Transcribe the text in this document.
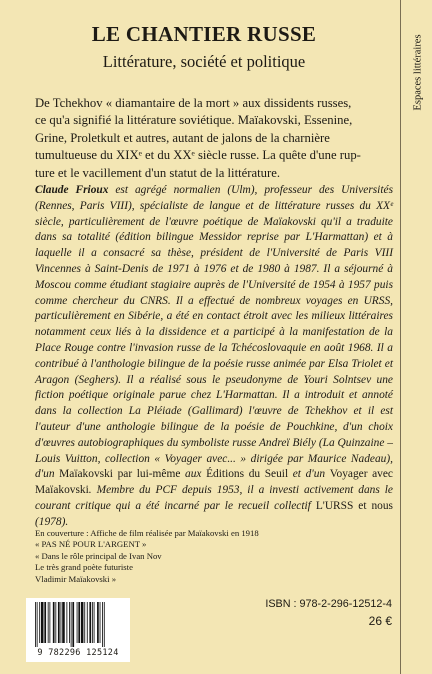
Espaces littéraires
LE CHANTIER RUSSE
Littérature, société et politique
De Tchekhov « diamantaire de la mort » aux dissidents russes,
ce qu'a signifié la littérature soviétique. Maïakovski, Essenine,
Grine, Proletkult et autres, autant de jalons de la charnière
tumultueuse du XIXᵉ et du XXᵉ siècle russe. La quête d'une rup-
ture et le vacillement d'un statut de la littérature.

Claude Frioux est agrégé normalien (Ulm), professeur des Universités (Rennes, Paris VIII), spécialiste de langue et de littérature russes du XXᵉ siècle, particulièrement de l'œuvre poétique de Maïakovski qu'il a traduite dans sa totalité (édition bilingue Messidor reprise par L'Harmattan) et à laquelle il a consacré sa thèse, président de l'Université de Paris VIII Vincennes à Saint-Denis de 1971 à 1976 et de 1980 à 1987. Il a séjourné à Moscou comme étudiant stagiaire auprès de l'Université de 1954 à 1957 puis comme chercheur du CNRS. Il a effectué de nombreux voyages en URSS, particulièrement en Sibérie, a été en contact étroit avec les milieux littéraires notamment ceux liés à la dissidence et a participé à la manifestation de la Place Rouge contre l'invasion russe de la Tchécoslovaquie en août 1968. Il a contribué à l'anthologie bilingue de la poésie russe animée par Elsa Triolet et Aragon (Seghers). Il a réalisé sous le pseudonyme de Youri Solntsev une fiction poétique originale parue chez L'Harmattan. Il a introduit et annoté dans la collection La Pléiade (Gallimard) l'œuvre de Tchekhov et il est l'auteur d'une anthologie bilingue de la poésie de Pouchkine, d'un choix d'œuvres autobiographiques du symboliste russe Andreï Biély (La Quinzaine – Louis Vuitton, collection « Voyager avec... » dirigée par Maurice Nadeau), d'un Maïakovski par lui-même aux Éditions du Seuil et d'un Voyager avec Maïakovski. Membre du PCF depuis 1953, il a investi activement dans le courant critique qui a été incarné par le recueil collectif L'URSS et nous (1978).

En couverture : Affiche de film réalisée par Maïakovski en 1918
« PAS NÉ POUR L'ARGENT »
« Dans le rôle principal de Ivan Nov
Le très grand poète futuriste
Vladimir Maïakovski »
9 782296 125124
ISBN : 978-2-296-12512-4
26 €
